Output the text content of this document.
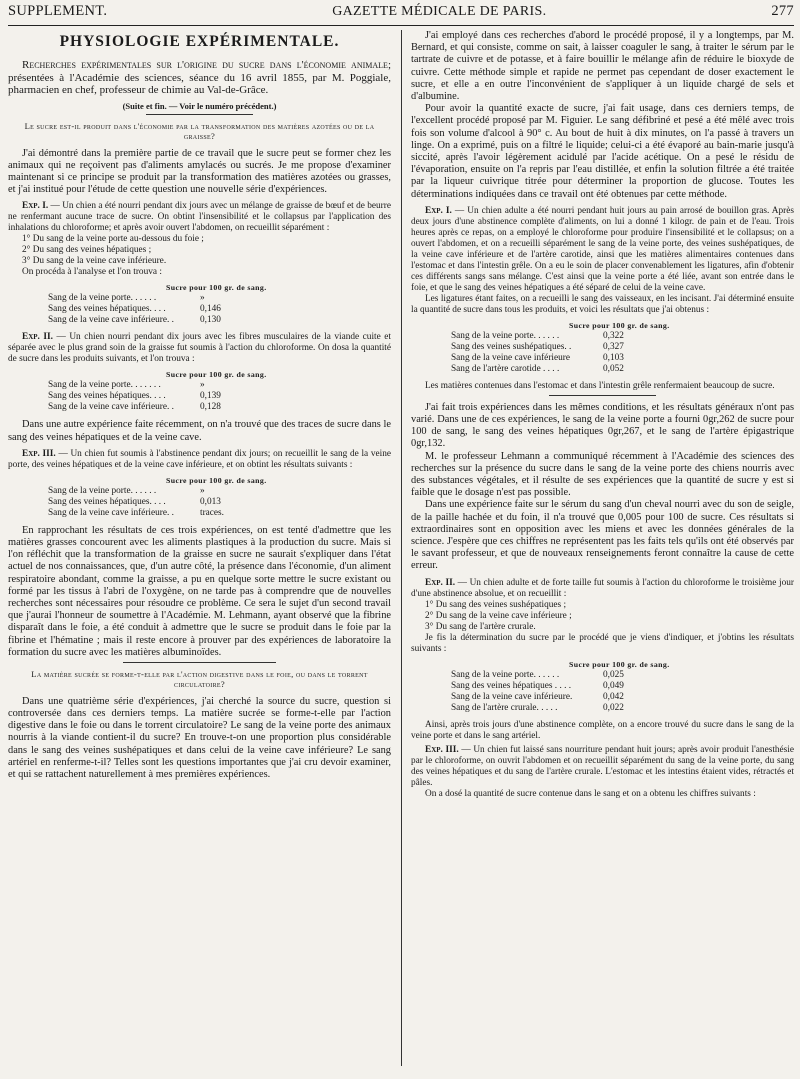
SUPPLEMENT.	GAZETTE MÉDICALE DE PARIS.	277
PHYSIOLOGIE EXPÉRIMENTALE.

Recherches expérimentales sur l'origine du sucre dans l'économie animale; présentées à l'Académie des sciences, séance du 16 avril 1855, par M. Poggiale, pharmacien en chef, professeur de chimie au Val-de-Grâce.

(Suite et fin. — Voir le numéro précédent.)
Le sucre est-il produit dans l'économie par la transformation des matières azotées ou de la graisse?

J'ai démontré dans la première partie de ce travail que le sucre peut se former chez les animaux qui ne reçoivent pas d'aliments amylacés ou sucrés. Je me propose d'examiner maintenant si ce principe se produit par la transformation des matières azotées ou grasses, et j'ai institué pour l'étude de cette question une nouvelle série d'expériences.

Exp. I. — Un chien a été nourri pendant dix jours avec un mélange de graisse de bœuf et de beurre ne renfermant aucune trace de sucre. On obtint l'insensibilité et le collapsus par l'application des inhalations du chloroforme; et après avoir ouvert l'abdomen, on recueillit séparément :

1° Du sang de la veine porte au-dessous du foie ;
2° Du sang des veines hépatiques ;
3° Du sang de la veine cave inférieure.

On procéda à l'analyse et l'on trouva :

Sucre pour 100 gr. de sang.
Sang de la veine porte. . . . . .	»
Sang des veines hépatiques. . . .	0,146
Sang de la veine cave inférieure. .	0,130

Exp. II. — Un chien nourri pendant dix jours avec les fibres musculaires de la viande cuite et séparée avec le plus grand soin de la graisse fut soumis à l'action du chloroforme. On dosa la quantité de sucre dans les produits suivants, et l'on trouva :

Sucre pour 100 gr. de sang.
Sang de la veine porte. . . . . . .	»
Sang des veines hépatiques. . . .	0,139
Sang de la veine cave inférieure. .	0,128

Dans une autre expérience faite récemment, on n'a trouvé que des traces de sucre dans le sang des veines hépatiques et de la veine cave.

Exp. III. — Un chien fut soumis à l'abstinence pendant dix jours; on recueillit le sang de la veine porte, des veines hépatiques et de la veine cave inférieure, et on obtint les résultats suivants :

Sucre pour 100 gr. de sang.
Sang de la veine porte. . . . . .	»
Sang des veines hépatiques. . . .	0,013
Sang de la veine cave inférieure. .	traces.

En rapprochant les résultats de ces trois expériences, on est tenté d'admettre que les matières grasses concourent avec les aliments plastiques à la production du sucre. Mais si l'on réfléchit que la transformation de la graisse en sucre ne saurait s'expliquer dans l'état actuel de nos connaissances, que, d'un autre côté, la présence dans l'économie, d'un aliment respiratoire abondant, comme la graisse, a pu en quelque sorte mettre le sucre existant ou formé par les tissus à l'abri de l'oxygène, on ne tarde pas à comprendre que de nouvelles recherches sont nécessaires pour résoudre ce problème. Ce sera le sujet d'un second travail que j'aurai l'honneur de soumettre à l'Académie. M. Lehmann, ayant observé que la fibrine disparaît dans le foie, a été conduit à admettre que le sucre se produit dans le foie par la fibrine et l'hématine ; mais il reste encore à prouver par des expériences de laboratoire la formation du sucre avec les matières albuminoïdes.

La matière sucrée se forme-t-elle par l'action digestive dans le foie, ou dans le torrent circulatoire?

Dans une quatrième série d'expériences, j'ai cherché la source du sucre, question si controversée dans ces derniers temps. La matière sucrée se forme-t-elle par l'action digestive dans le foie ou dans le torrent circulatoire? Le sang de la veine porte des animaux nourris à la viande contient-il du sucre? En trouve-t-on une proportion plus considérable dans le sang des veines sushépatiques et dans celui de la veine cave inférieure? Le sang artériel en renferme-t-il? Telles sont les questions importantes que j'ai cru devoir examiner, et qui se rattachent naturellement à mes premières expériences.

J'ai employé dans ces recherches d'abord le procédé proposé, il y a longtemps, par M. Bernard, et qui consiste, comme on sait, à laisser coaguler le sang, à traiter le sérum par le tartrate de cuivre et de potasse, et à faire bouillir le mélange afin de réduire le bioxyde de cuivre. Cette méthode simple et rapide ne permet pas cependant de doser exactement le sucre, et elle a en outre l'inconvénient de s'appliquer à un liquide chargé de sels et d'albumine.

Pour avoir la quantité exacte de sucre, j'ai fait usage, dans ces derniers temps, de l'excellent procédé proposé par M. Figuier. Le sang défibriné et pesé a été mêlé avec trois fois son volume d'alcool à 90° c. Au bout de huit à dix minutes, on l'a passé à travers un linge. On a exprimé, puis on a filtré le liquide; celui-ci a été évaporé au bain-marie jusqu'à siccité, après l'avoir légèrement acidulé par l'acide acétique. On a pesé le résidu de l'évaporation, ensuite on l'a repris par l'eau distillée, et enfin la solution filtrée a été traitée par la liqueur cuivrique titrée pour déterminer la proportion de glucose. Toutes les déterminations indiquées dans ce travail ont été obtenues par cette méthode.

Exp. I. — Un chien adulte a été nourri pendant huit jours au pain arrosé de bouillon gras. Après deux jours d'une abstinence complète d'aliments, on lui a donné 1 kilogr. de pain et de l'eau. Trois heures après ce repas, on a employé le chloroforme pour produire l'insensibilité et le collapsus; on a ouvert l'abdomen, et on a recueilli séparément le sang de la veine porte, des veines sushépatiques, de la veine cave inférieure et de l'artère carotide, ainsi que les matières alimentaires contenues dans l'estomac et dans l'intestin grêle. On a eu le soin de placer convenablement les ligatures, afin d'obtenir ces différents sangs sans mélange. C'est ainsi que la veine porte a été liée, avant son entrée dans le foie, et que le sang des veines hépatiques a été séparé de celui de la veine cave.

Les ligatures étant faites, on a recueilli le sang des vaisseaux, en les incisant. J'ai déterminé ensuite la quantité de sucre dans tous les produits, et voici les résultats que j'ai obtenus :

Sucre pour 100 gr. de sang.
Sang de la veine porte. . . . . .	0,322
Sang des veines sushépatiques. .	0,327
Sang de la veine cave inférieure	0,103
Sang de l'artère carotide . . . .	0,052

Les matières contenues dans l'estomac et dans l'intestin grêle renfermaient beaucoup de sucre.

J'ai fait trois expériences dans les mêmes conditions, et les résultats généraux n'ont pas varié. Dans une de ces expériences, le sang de la veine porte a fourni 0gr,262 de sucre pour 100 de sang, le sang des veines hépatiques 0gr,267, et le sang de l'artère épigastrique 0gr,132.

M. le professeur Lehmann a communiqué récemment à l'Académie des sciences des recherches sur la présence du sucre dans le sang de la veine porte des chiens nourris avec des substances végétales, et il résulte de ses expériences que la quantité de sucre y est si faible que le dosage n'est pas possible.

Dans une expérience faite sur le sérum du sang d'un cheval nourri avec du son de seigle, de la paille hachée et du foin, il n'a trouvé que 0,005 pour 100 de sucre. Ces résultats si extraordinaires sont en opposition avec les miens et avec les données générales de la science. J'espère que ces chiffres ne représentent pas les faits tels qu'ils ont été observés par le savant professeur, et que de nouveaux renseignements feront connaître la cause de cette erreur.

Exp. II. — Un chien adulte et de forte taille fut soumis à l'action du chloroforme le troisième jour d'une abstinence absolue, et on recueillit :

1° Du sang des veines sushépatiques ;
2° Du sang de la veine cave inférieure ;
3° Du sang de l'artère crurale.

Je fis la détermination du sucre par le procédé que je viens d'indiquer, et j'obtins les résultats suivants :

Sucre pour 100 gr. de sang.
Sang de la veine porte. . . . . .	0,025
Sang des veines hépatiques . . . .	0,049
Sang de la veine cave inférieure.	0,042
Sang de l'artère crurale. . . . .	0,022

Ainsi, après trois jours d'une abstinence complète, on a encore trouvé du sucre dans le sang de la veine porte et dans le sang artériel.

Exp. III. — Un chien fut laissé sans nourriture pendant huit jours; après avoir produit l'anesthésie par le chloroforme, on ouvrit l'abdomen et on recueillit séparément du sang de la veine porte, du sang des veines hépatiques et du sang de l'artère crurale. L'estomac et les intestins étaient vides, rétractés et pâles.

On a dosé la quantité de sucre contenue dans le sang et on a obtenu les chiffres suivants :
